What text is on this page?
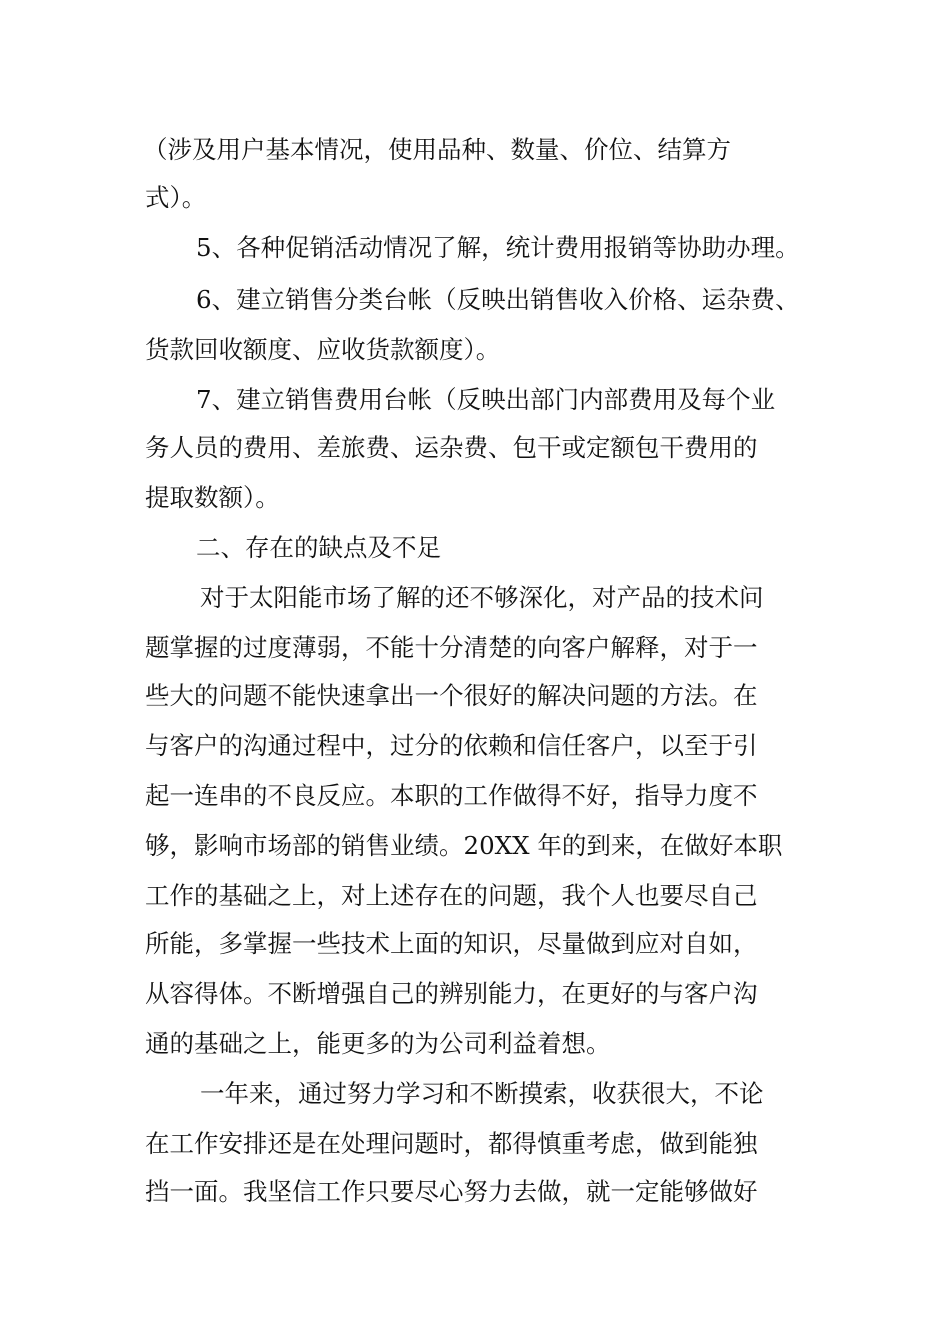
（涉及用户基本情况，使用品种、数量、价位、结算方
式）。
5、各种促销活动情况了解，统计费用报销等协助办理。
6、建立销售分类台帐（反映出销售收入价格、运杂费、
货款回收额度、应收货款额度）。
7、建立销售费用台帐（反映出部门内部费用及每个业
务人员的费用、差旅费、运杂费、包干或定额包干费用的
提取数额）。
二、存在的缺点及不足
对于太阳能市场了解的还不够深化，对产品的技术问
题掌握的过度薄弱，不能十分清楚的向客户解释，对于一
些大的问题不能快速拿出一个很好的解决问题的方法。在
与客户的沟通过程中，过分的依赖和信任客户，以至于引
起一连串的不良反应。本职的工作做得不好，指导力度不
够，影响市场部的销售业绩。20XX 年的到来，在做好本职
工作的基础之上，对上述存在的问题，我个人也要尽自己
所能，多掌握一些技术上面的知识，尽量做到应对自如，
从容得体。不断增强自己的辨别能力，在更好的与客户沟
通的基础之上，能更多的为公司利益着想。
一年来，通过努力学习和不断摸索，收获很大，不论
在工作安排还是在处理问题时，都得慎重考虑，做到能独
挡一面。我坚信工作只要尽心努力去做，就一定能够做好
